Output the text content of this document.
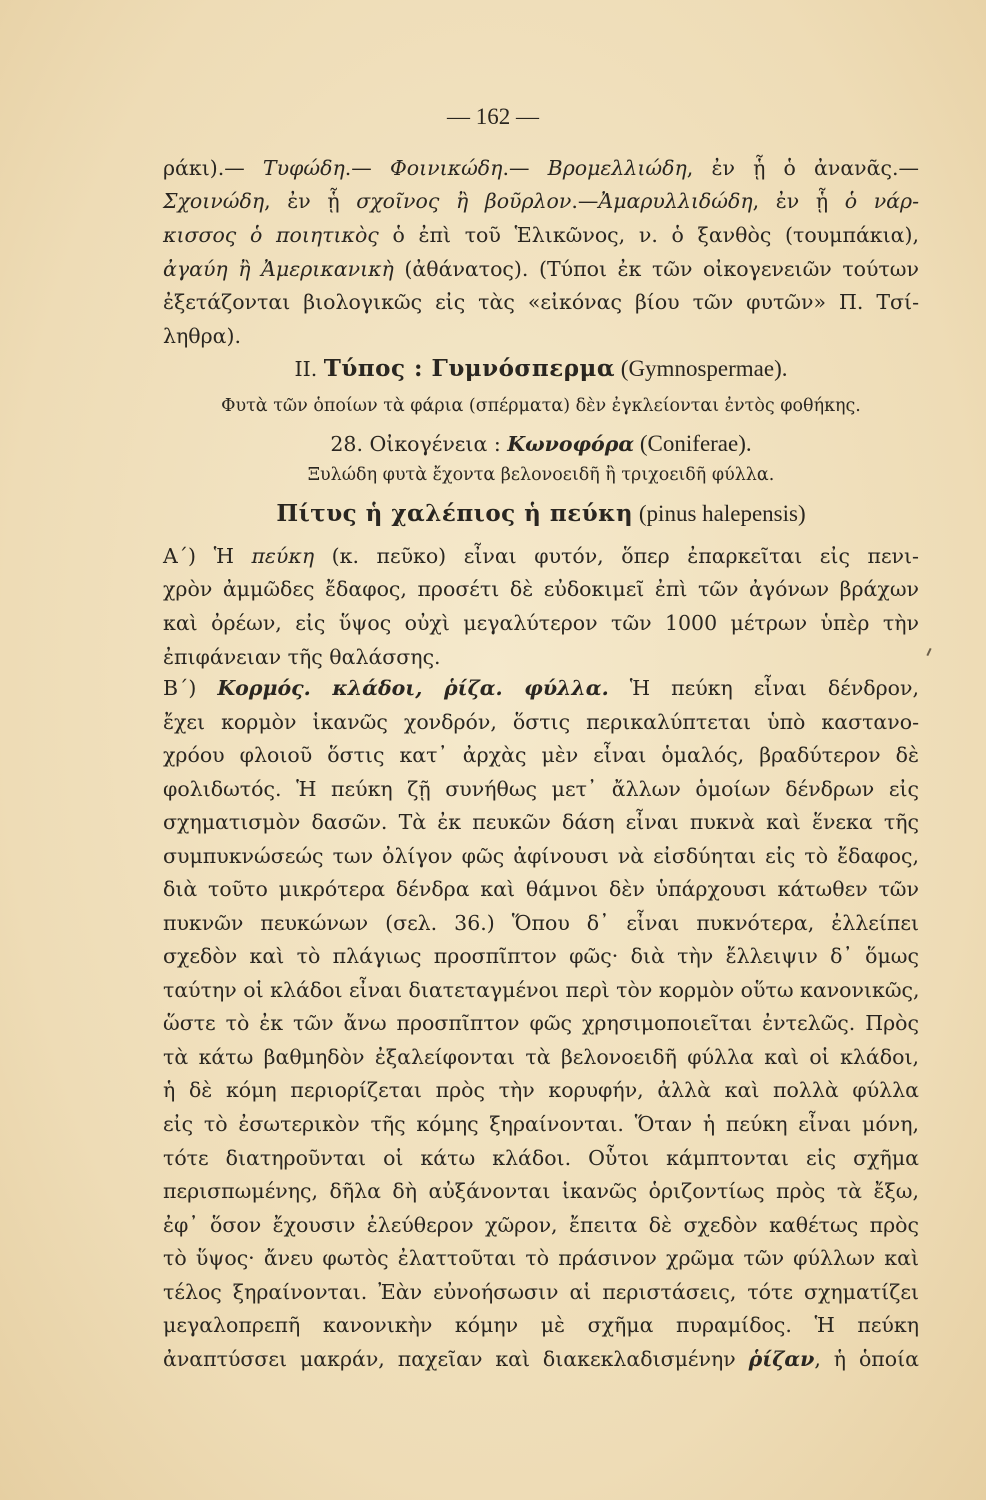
— 162 —
ράκι).— Τυφώδη.— Φοινικώδη.— Βρομελλιώδη, ἐν ᾗ ὁ ἀνανᾶς.—
Σχοινώδη, ἐν ᾗ σχοῖνος ἢ βοῦρλον.—Ἀμαρυλλιδώδη, ἐν ᾗ ὁ νάρ-
κισσος ὁ ποιητικὸς ὁ ἐπὶ τοῦ Ἑλικῶνος, ν. ὁ ξανθὸς (τουμπάκια),
ἀγαύη ἢ Ἀμερικανικὴ (ἀθάνατος). (Τύποι ἐκ τῶν οἰκογενειῶν τούτων
ἐξετάζονται βιολογικῶς εἰς τὰς «εἰκόνας βίου τῶν φυτῶν» Π. Τσί-
ληθρα).
ΙΙ. Τύπος : Γυμνόσπερμα (Gymnospermae).
Φυτὰ τῶν ὁποίων τὰ φάρια (σπέρματα) δὲν ἐγκλείονται ἐντὸς φοθήκης.
28. Οἰκογένεια : Κωνοφόρα (Coniferae).
Ξυλώδη φυτὰ ἔχοντα βελονοειδῆ ἢ τριχοειδῆ φύλλα.
Πίτυς ἡ χαλέπιος ἡ πεύκη (pinus halepensis)
Α΄) Ἡ πεύκη (κ. πεῦκο) εἶναι φυτόν, ὅπερ ἐπαρκεῖται εἰς πενι-
χρὸν ἀμμῶδες ἔδαφος, προσέτι δὲ εὐδοκιμεῖ ἐπὶ τῶν ἀγόνων βράχων
καὶ ὀρέων, εἰς ὕψος οὐχὶ μεγαλύτερον τῶν 1000 μέτρων ὑπὲρ τὴν
ἐπιφάνειαν τῆς θαλάσσης.
Β΄) Κορμός. κλάδοι, ῥίζα. φύλλα. Ἡ πεύκη εἶναι δένδρον,
ἔχει κορμὸν ἱκανῶς χονδρόν, ὅστις περικαλύπτεται ὑπὸ καστανο-
χρόου φλοιοῦ ὅστις κατ᾽ ἀρχὰς μὲν εἶναι ὁμαλός, βραδύτερον δὲ
φολιδωτός. Ἡ πεύκη ζῇ συνήθως μετ᾽ ἄλλων ὁμοίων δένδρων εἰς
σχηματισμὸν δασῶν. Τὰ ἐκ πευκῶν δάση εἶναι πυκνὰ καὶ ἕνεκα τῆς
συμπυκνώσεώς των ὀλίγον φῶς ἀφίνουσι νὰ εἰσδύηται εἰς τὸ ἔδαφος,
διὰ τοῦτο μικρότερα δένδρα καὶ θάμνοι δὲν ὑπάρχουσι κάτωθεν τῶν
πυκνῶν πευκώνων (σελ. 36.) Ὅπου δ᾽ εἶναι πυκνότερα, ἐλλείπει
σχεδὸν καὶ τὸ πλάγιως προσπῖπτον φῶς· διὰ τὴν ἔλλειψιν δ᾽ ὅμως
ταύτην οἱ κλάδοι εἶναι διατεταγμένοι περὶ τὸν κορμὸν οὕτω κανονικῶς,
ὥστε τὸ ἐκ τῶν ἄνω προσπῖπτον φῶς χρησιμοποιεῖται ἐντελῶς. Πρὸς
τὰ κάτω βαθμηδὸν ἐξαλείφονται τὰ βελονοειδῆ φύλλα καὶ οἱ κλάδοι,
ἡ δὲ κόμη περιορίζεται πρὸς τὴν κορυφήν, ἀλλὰ καὶ πολλὰ φύλλα
εἰς τὸ ἐσωτερικὸν τῆς κόμης ξηραίνονται. Ὅταν ἡ πεύκη εἶναι μόνη,
τότε διατηροῦνται οἱ κάτω κλάδοι. Οὗτοι κάμπτονται εἰς σχῆμα
περισπωμένης, δῆλα δὴ αὐξάνονται ἱκανῶς ὁριζοντίως πρὸς τὰ ἔξω,
ἐφ᾽ ὅσον ἔχουσιν ἐλεύθερον χῶρον, ἔπειτα δὲ σχεδὸν καθέτως πρὸς
τὸ ὕψος· ἄνευ φωτὸς ἐλαττοῦται τὸ πράσινον χρῶμα τῶν φύλλων καὶ
τέλος ξηραίνονται. Ἐὰν εὐνοήσωσιν αἱ περιστάσεις, τότε σχηματίζει
μεγαλοπρεπῆ κανονικὴν κόμην μὲ σχῆμα πυραμίδος. Ἡ πεύκη
ἀναπτύσσει μακράν, παχεῖαν καὶ διακεκλαδισμένην ῥίζαν, ἡ ὁποία
